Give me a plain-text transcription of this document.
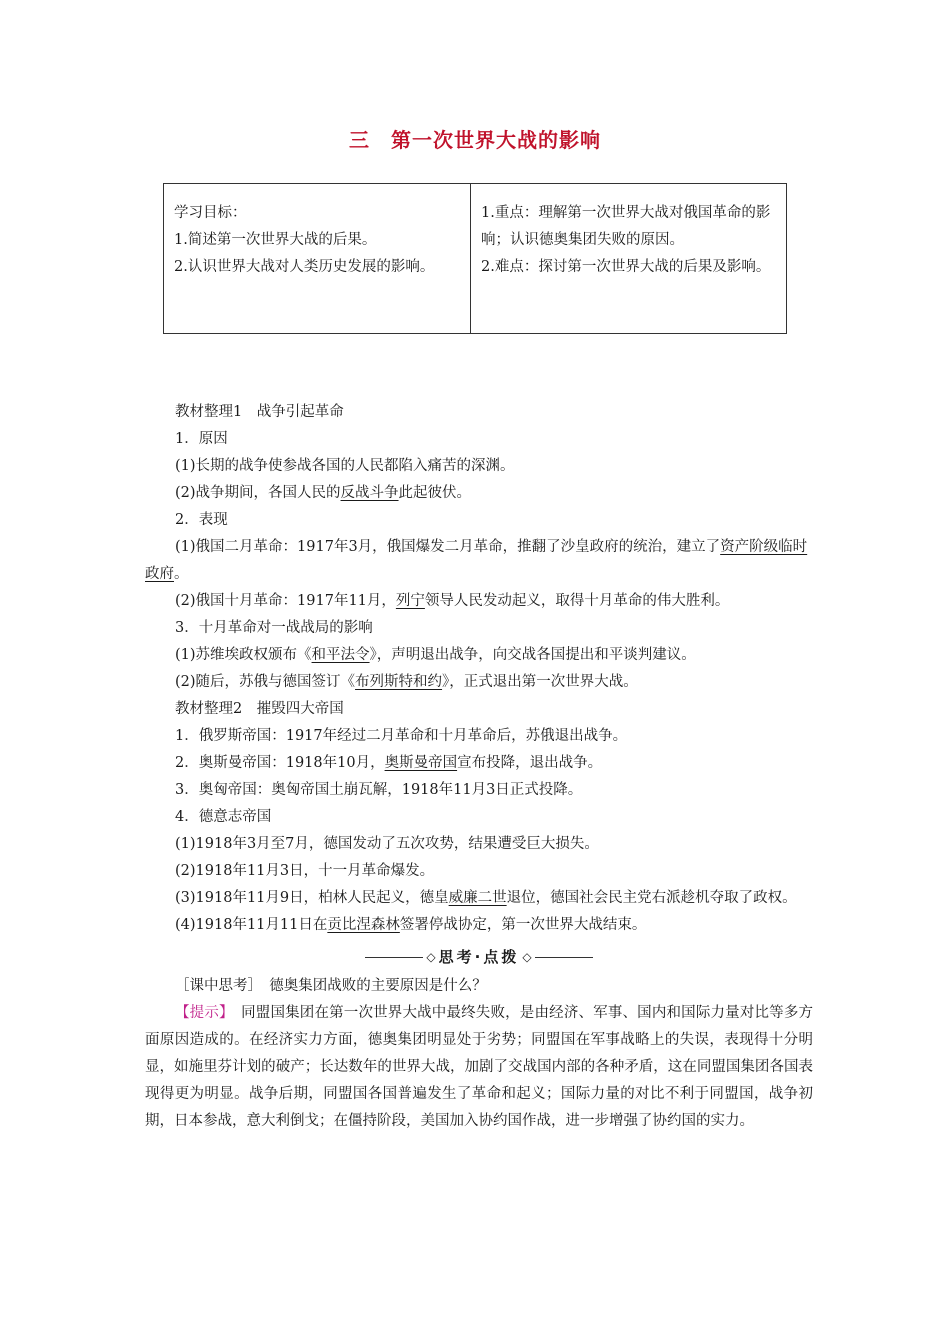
三　第一次世界大战的影响
学习目标：
1.简述第一次世界大战的后果。
2.认识世界大战对人类历史发展的影响。
1.重点：理解第一次世界大战对俄国革命的影响；认识德奥集团失败的原因。
2.难点：探讨第一次世界大战的后果及影响。
教材整理1　战争引起革命
1．原因
(1)长期的战争使参战各国的人民都陷入痛苦的深渊。
(2)战争期间，各国人民的反战斗争此起彼伏。
2．表现
(1)俄国二月革命：1917年3月，俄国爆发二月革命，推翻了沙皇政府的统治，建立了资产阶级临时政府。
(2)俄国十月革命：1917年11月，列宁领导人民发动起义，取得十月革命的伟大胜利。
3．十月革命对一战战局的影响
(1)苏维埃政权颁布《和平法令》，声明退出战争，向交战各国提出和平谈判建议。
(2)随后，苏俄与德国签订《布列斯特和约》，正式退出第一次世界大战。
教材整理2　摧毁四大帝国
1．俄罗斯帝国：1917年经过二月革命和十月革命后，苏俄退出战争。
2．奥斯曼帝国：1918年10月，奥斯曼帝国宣布投降，退出战争。
3．奥匈帝国：奥匈帝国土崩瓦解，1918年11月3日正式投降。
4．德意志帝国
(1)1918年3月至7月，德国发动了五次攻势，结果遭受巨大损失。
(2)1918年11月3日，十一月革命爆发。
(3)1918年11月9日，柏林人民起义，德皇威廉二世退位，德国社会民主党右派趁机夺取了政权。
(4)1918年11月11日在贡比涅森林签署停战协定，第一次世界大战结束。
◇ 思考·点拨 ◇
［课中思考］　德奥集团战败的主要原因是什么？
【提示】　同盟国集团在第一次世界大战中最终失败，是由经济、军事、国内和国际力量对比等多方面原因造成的。在经济实力方面，德奥集团明显处于劣势；同盟国在军事战略上的失误，表现得十分明显，如施里芬计划的破产；长达数年的世界大战，加剧了交战国内部的各种矛盾，这在同盟国集团各国表现得更为明显。战争后期，同盟国各国普遍发生了革命和起义；国际力量的对比不利于同盟国，战争初期，日本参战，意大利倒戈；在僵持阶段，美国加入协约国作战，进一步增强了协约国的实力。
